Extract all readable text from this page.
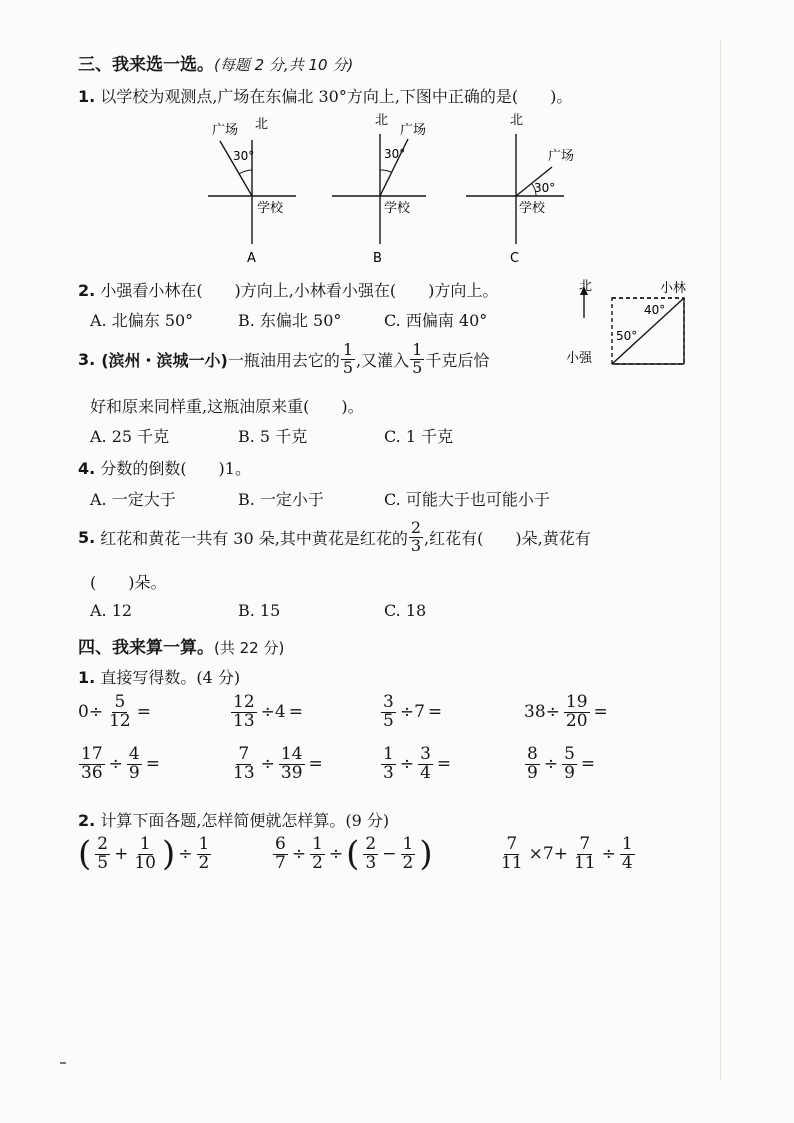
三、我来选一选。(每题 2 分,共 10 分)
1. 以学校为观测点,广场在东偏北 30°方向上,下图中正确的是(　　)。
北
广场
30°
学校
A
北
广场
30°
学校
B
北
广场
30°
学校
C
2. 小强看小林在(　　)方向上,小林看小强在(　　)方向上。
A. 北偏东 50°	B. 东偏北 50°	C. 西偏南 40°
北	小林
40°
50°
小强
3. (滨州・滨城一小) 一瓶油用去它的 $\frac{1}{5}$ ,又灌入 $\frac{1}{5}$ 千克后恰
好和原来同样重,这瓶油原来重(　　)。
A. 25 千克	B. 5 千克	C. 1 千克
4. 分数的倒数(　　)1。
A. 一定大于	B. 一定小于	C. 可能大于也可能小于
5. 红花和黄花一共有 30 朵,其中黄花是红花的 $\frac{2}{3}$ ,红花有(　　)朵,黄花有
(　　)朵。
A. 12	B. 15	C. 18
四、我来算一算。(共 22 分)
1. 直接写得数。(4 分)
$0\div \frac{5}{12}$ =	$\frac{12}{13} \div 4$ =	$\frac{3}{5} \div 7$ =	$38\div \frac{19}{20}$ =
$\frac{17}{36} \div \frac{4}{9}$ =	$\frac{7}{13} \div \frac{14}{39}$ =	$\frac{1}{3} \div \frac{3}{4}$ =	$\frac{8}{9} \div \frac{5}{9}$ =
2. 计算下面各题,怎样简便就怎样算。(9 分)
( $\frac{2}{5} + \frac{1}{10}$ ) ÷ $\frac{1}{2}$	$\frac{6}{7} \div \frac{1}{2}$ ÷ ( $\frac{2}{3} - \frac{1}{2}$ )	$\frac{7}{11} \times 7+ \frac{7}{11} \div \frac{1}{4}$
